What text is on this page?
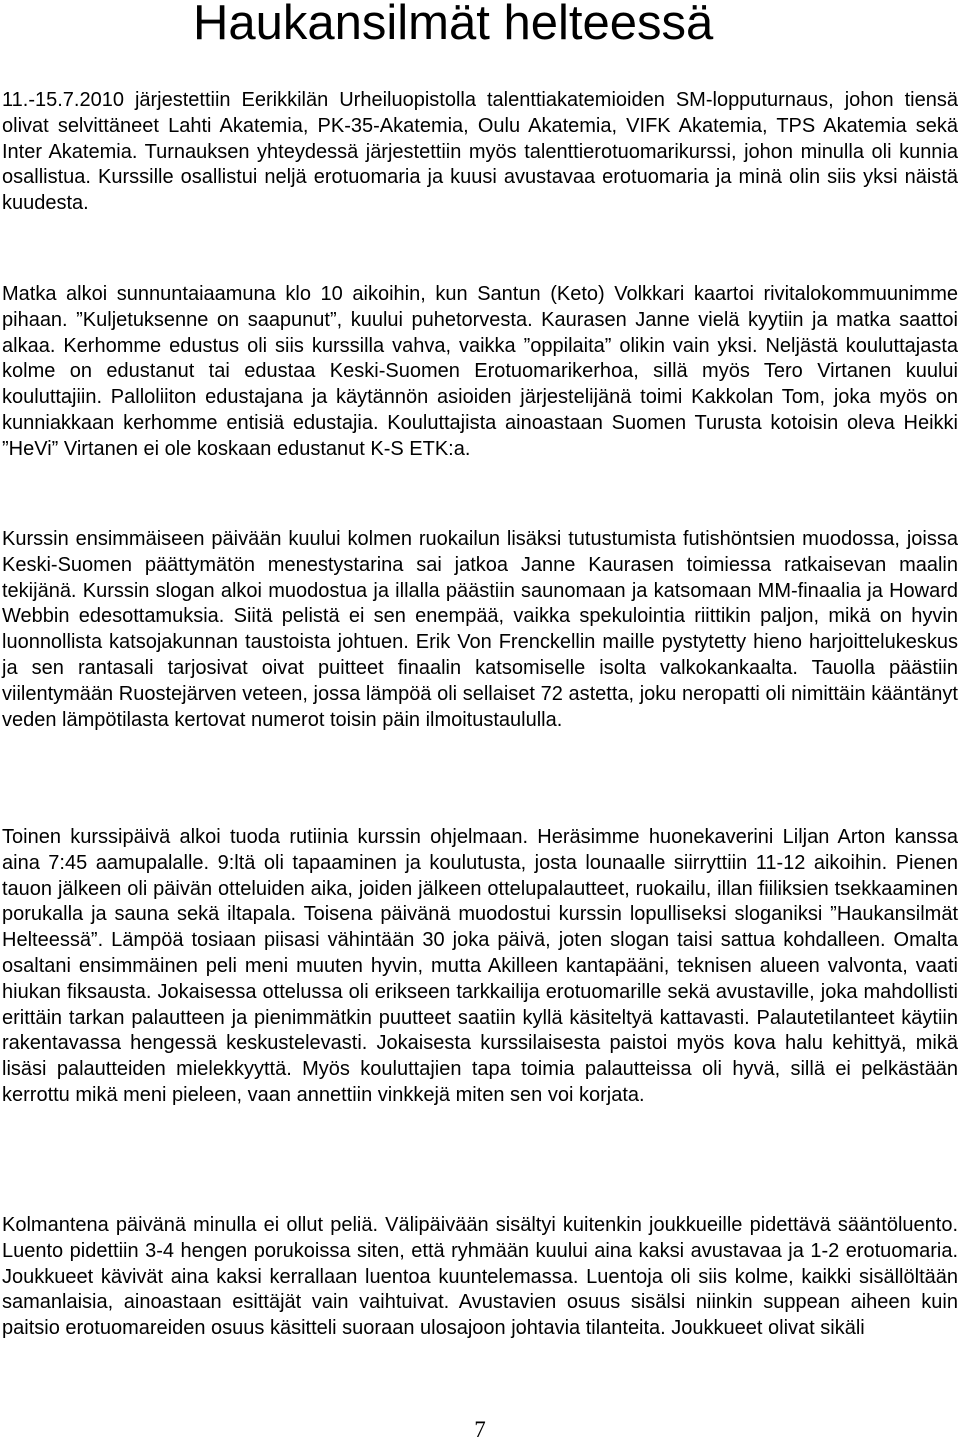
Haukansilmät helteessä

11.-15.7.2010 järjestettiin Eerikkilän Urheiluopistolla talenttiakatemioiden SM-lopputurnaus, johon tiensä olivat selvittäneet Lahti Akatemia, PK-35-Akatemia, Oulu Akatemia, VIFK Akatemia, TPS Akatemia sekä Inter Akatemia. Turnauksen yhteydessä järjestettiin myös talenttierotuomarikurssi, johon minulla oli kunnia osallistua. Kurssille osallistui neljä erotuomaria ja kuusi avustavaa erotuomaria ja minä olin siis yksi näistä kuudesta.

Matka alkoi sunnuntaiaamuna klo 10 aikoihin, kun Santun (Keto) Volkkari kaartoi rivitalokommuunimme pihaan. ”Kuljetuksenne on saapunut”, kuului puhetorvesta. Kaurasen Janne vielä kyytiin ja matka saattoi alkaa. Kerhomme edustus oli siis kurssilla vahva, vaikka ”oppilaita” olikin vain yksi. Neljästä kouluttajasta kolme on edustanut tai edustaa Keski-Suomen Erotuomarikerhoa, sillä myös Tero Virtanen kuului kouluttajiin. Palloliiton edustajana ja käytännön asioiden järjestelijänä toimi Kakkolan Tom, joka myös on kunniakkaan kerhomme entisiä edustajia. Kouluttajista ainoastaan Suomen Turusta kotoisin oleva Heikki ”HeVi” Virtanen ei ole koskaan edustanut K-S ETK:a.

Kurssin ensimmäiseen päivään kuului kolmen ruokailun lisäksi tutustumista futishöntsien muodossa, joissa Keski-Suomen päättymätön menestystarina sai jatkoa Janne Kaurasen toimiessa ratkaisevan maalin tekijänä. Kurssin slogan alkoi muodostua ja illalla päästiin saunomaan ja katsomaan MM-finaalia ja Howard Webbin edesottamuksia. Siitä pelistä ei sen enempää, vaikka spekulointia riittikin paljon, mikä on hyvin luonnollista katsojakunnan taustoista johtuen. Erik Von Frenckellin maille pystytetty hieno harjoittelukeskus ja sen rantasali tarjosivat oivat puitteet finaalin katsomiselle isolta valkokankaalta. Tauolla päästiin viilentymään Ruostejärven veteen, jossa lämpöä oli sellaiset 72 astetta, joku neropatti oli nimittäin kääntänyt veden lämpötilasta kertovat numerot toisin päin ilmoitustaululla.

Toinen kurssipäivä alkoi tuoda rutiinia kurssin ohjelmaan. Heräsimme huonekaverini Liljan Arton kanssa aina 7:45 aamupalalle. 9:ltä oli tapaaminen ja koulutusta, josta lounaalle siirryttiin 11-12 aikoihin. Pienen tauon jälkeen oli päivän otteluiden aika, joiden jälkeen ottelupalautteet, ruokailu, illan fiiliksien tsekkaaminen porukalla ja sauna sekä iltapala. Toisena päivänä muodostui kurssin lopulliseksi sloganiksi ”Haukansilmät Helteessä”. Lämpöä tosiaan piisasi vähintään 30 joka päivä, joten slogan taisi sattua kohdalleen. Omalta osaltani ensimmäinen peli meni muuten hyvin, mutta Akilleen kantapääni, teknisen alueen valvonta, vaati hiukan fiksausta. Jokaisessa ottelussa oli erikseen tarkkailija erotuomarille sekä avustaville, joka mahdollisti erittäin tarkan palautteen ja pienimmätkin puutteet saatiin kyllä käsiteltyä kattavasti. Palautetilanteet käytiin rakentavassa hengessä keskustelevasti. Jokaisesta kurssilaisesta paistoi myös kova halu kehittyä, mikä lisäsi palautteiden mielekkyyttä. Myös kouluttajien tapa toimia palautteissa oli hyvä, sillä ei pelkästään kerrottu mikä meni pieleen, vaan annettiin vinkkejä miten sen voi korjata.

Kolmantena päivänä minulla ei ollut peliä. Välipäivään sisältyi kuitenkin joukkueille pidettävä sääntöluento. Luento pidettiin 3-4 hengen porukoissa siten, että ryhmään kuului aina kaksi avustavaa ja 1-2 erotuomaria. Joukkueet kävivät aina kaksi kerrallaan luentoa kuuntelemassa. Luentoja oli siis kolme, kaikki sisällöltään samanlaisia, ainoastaan esittäjät vain vaihtuivat. Avustavien osuus sisälsi niinkin suppean aiheen kuin paitsio erotuomareiden osuus käsitteli suoraan ulosajoon johtavia tilanteita. Joukkueet olivat sikäli

7
